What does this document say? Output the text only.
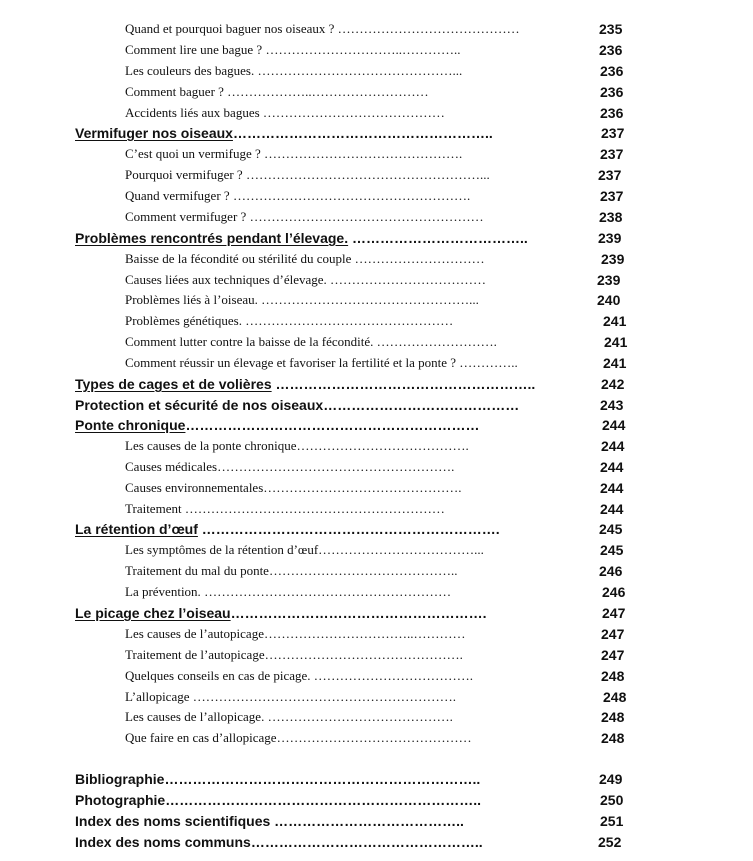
Quand et pourquoi baguer nos oiseaux ? ……………………………………	235
Comment lire une bague ? …………………………..…………..	236
Les couleurs des bagues. ………………………………………...	236
Comment baguer ? ………………..………………………	236
Accidents liés aux bagues ……………………………………	236
Vermifuger nos oiseaux………………………………………………..	237
C’est quoi un vermifuge ? ……………………………………….	237
Pourquoi vermifuger ? ………………………………………………...	237
Quand vermifuger ? ……………………………………………….	237
Comment vermifuger ? ………………………………………………	238
Problèmes rencontrés pendant l’élevage. ………………………………..	239
Baisse de la fécondité ou stérilité du couple …………………………	239
Causes liées aux techniques d’élevage. ………………………………	239
Problèmes liés à l’oiseau. …………………………………………...	240
Problèmes génétiques. …………………………………………	241
Comment lutter contre la baisse de la fécondité. ……………………….	241
Comment réussir un élevage et favoriser la fertilité et la ponte ? …………..	241
Types de cages et de volières ………………………………………………..	242
Protection et sécurité de nos oiseaux……………………………………	243
Ponte chronique………………………………………………………	244
Les causes de la ponte chronique………………………………….	244
Causes médicales……………………………………………….	244
Causes environnementales……………………………………….	244
Traitement ……………………………………………………	244
La rétention d’œuf ……………………………………………………….	245
Les symptômes de la rétention d’œuf………………………………...	245
Traitement du mal du ponte……………………………………..	246
La prévention. …………………………………………………	246
Le picage chez l’oiseau……………………………………………….	247
Les causes de l’autopicage……………………………..…………	247
Traitement de l’autopicage……………………………………….	247
Quelques conseils en cas de picage. ……………………………….	248
L’allopicage …………………………………………………….	248
Les causes de l’allopicage. …………………………………….	248
Que faire en cas d’allopicage………………………………………	248
Bibliographie…………………………………………………………..	249
Photographie…………………………………………………………..	250
Index des noms scientifiques …………………………………..	251
Index des noms communs…………………………………………..	252
